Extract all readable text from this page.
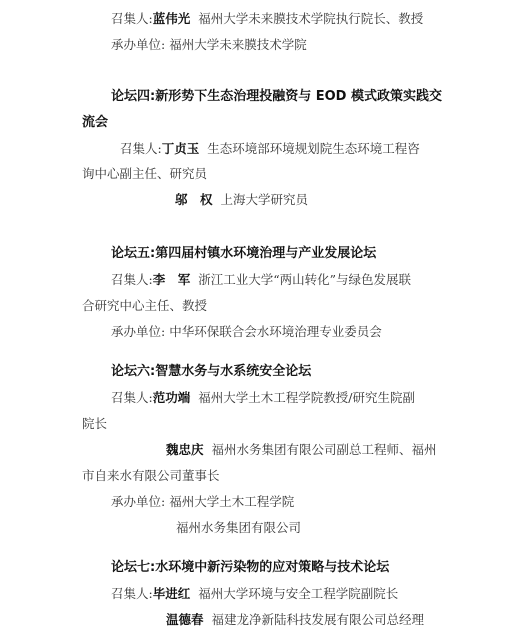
召集人:蓝伟光 福州大学未来膜技术学院执行院长、教授
承办单位: 福州大学未来膜技术学院
论坛四:新形势下生态治理投融资与 EOD 模式政策实践交
流会
召集人:丁贞玉 生态环境部环境规划院生态环境工程咨
询中心副主任、研究员
邬　权 上海大学研究员
论坛五:第四届村镇水环境治理与产业发展论坛
召集人:李　军 浙江工业大学“两山转化”与绿色发展联
合研究中心主任、教授
承办单位: 中华环保联合会水环境治理专业委员会
论坛六:智慧水务与水系统安全论坛
召集人:范功端 福州大学土木工程学院教授/研究生院副
院长
魏忠庆 福州水务集团有限公司副总工程师、福州
市自来水有限公司董事长
承办单位: 福州大学土木工程学院
福州水务集团有限公司
论坛七:水环境中新污染物的应对策略与技术论坛
召集人:毕进红 福州大学环境与安全工程学院副院长
温德春 福建龙净新陆科技发展有限公司总经理
